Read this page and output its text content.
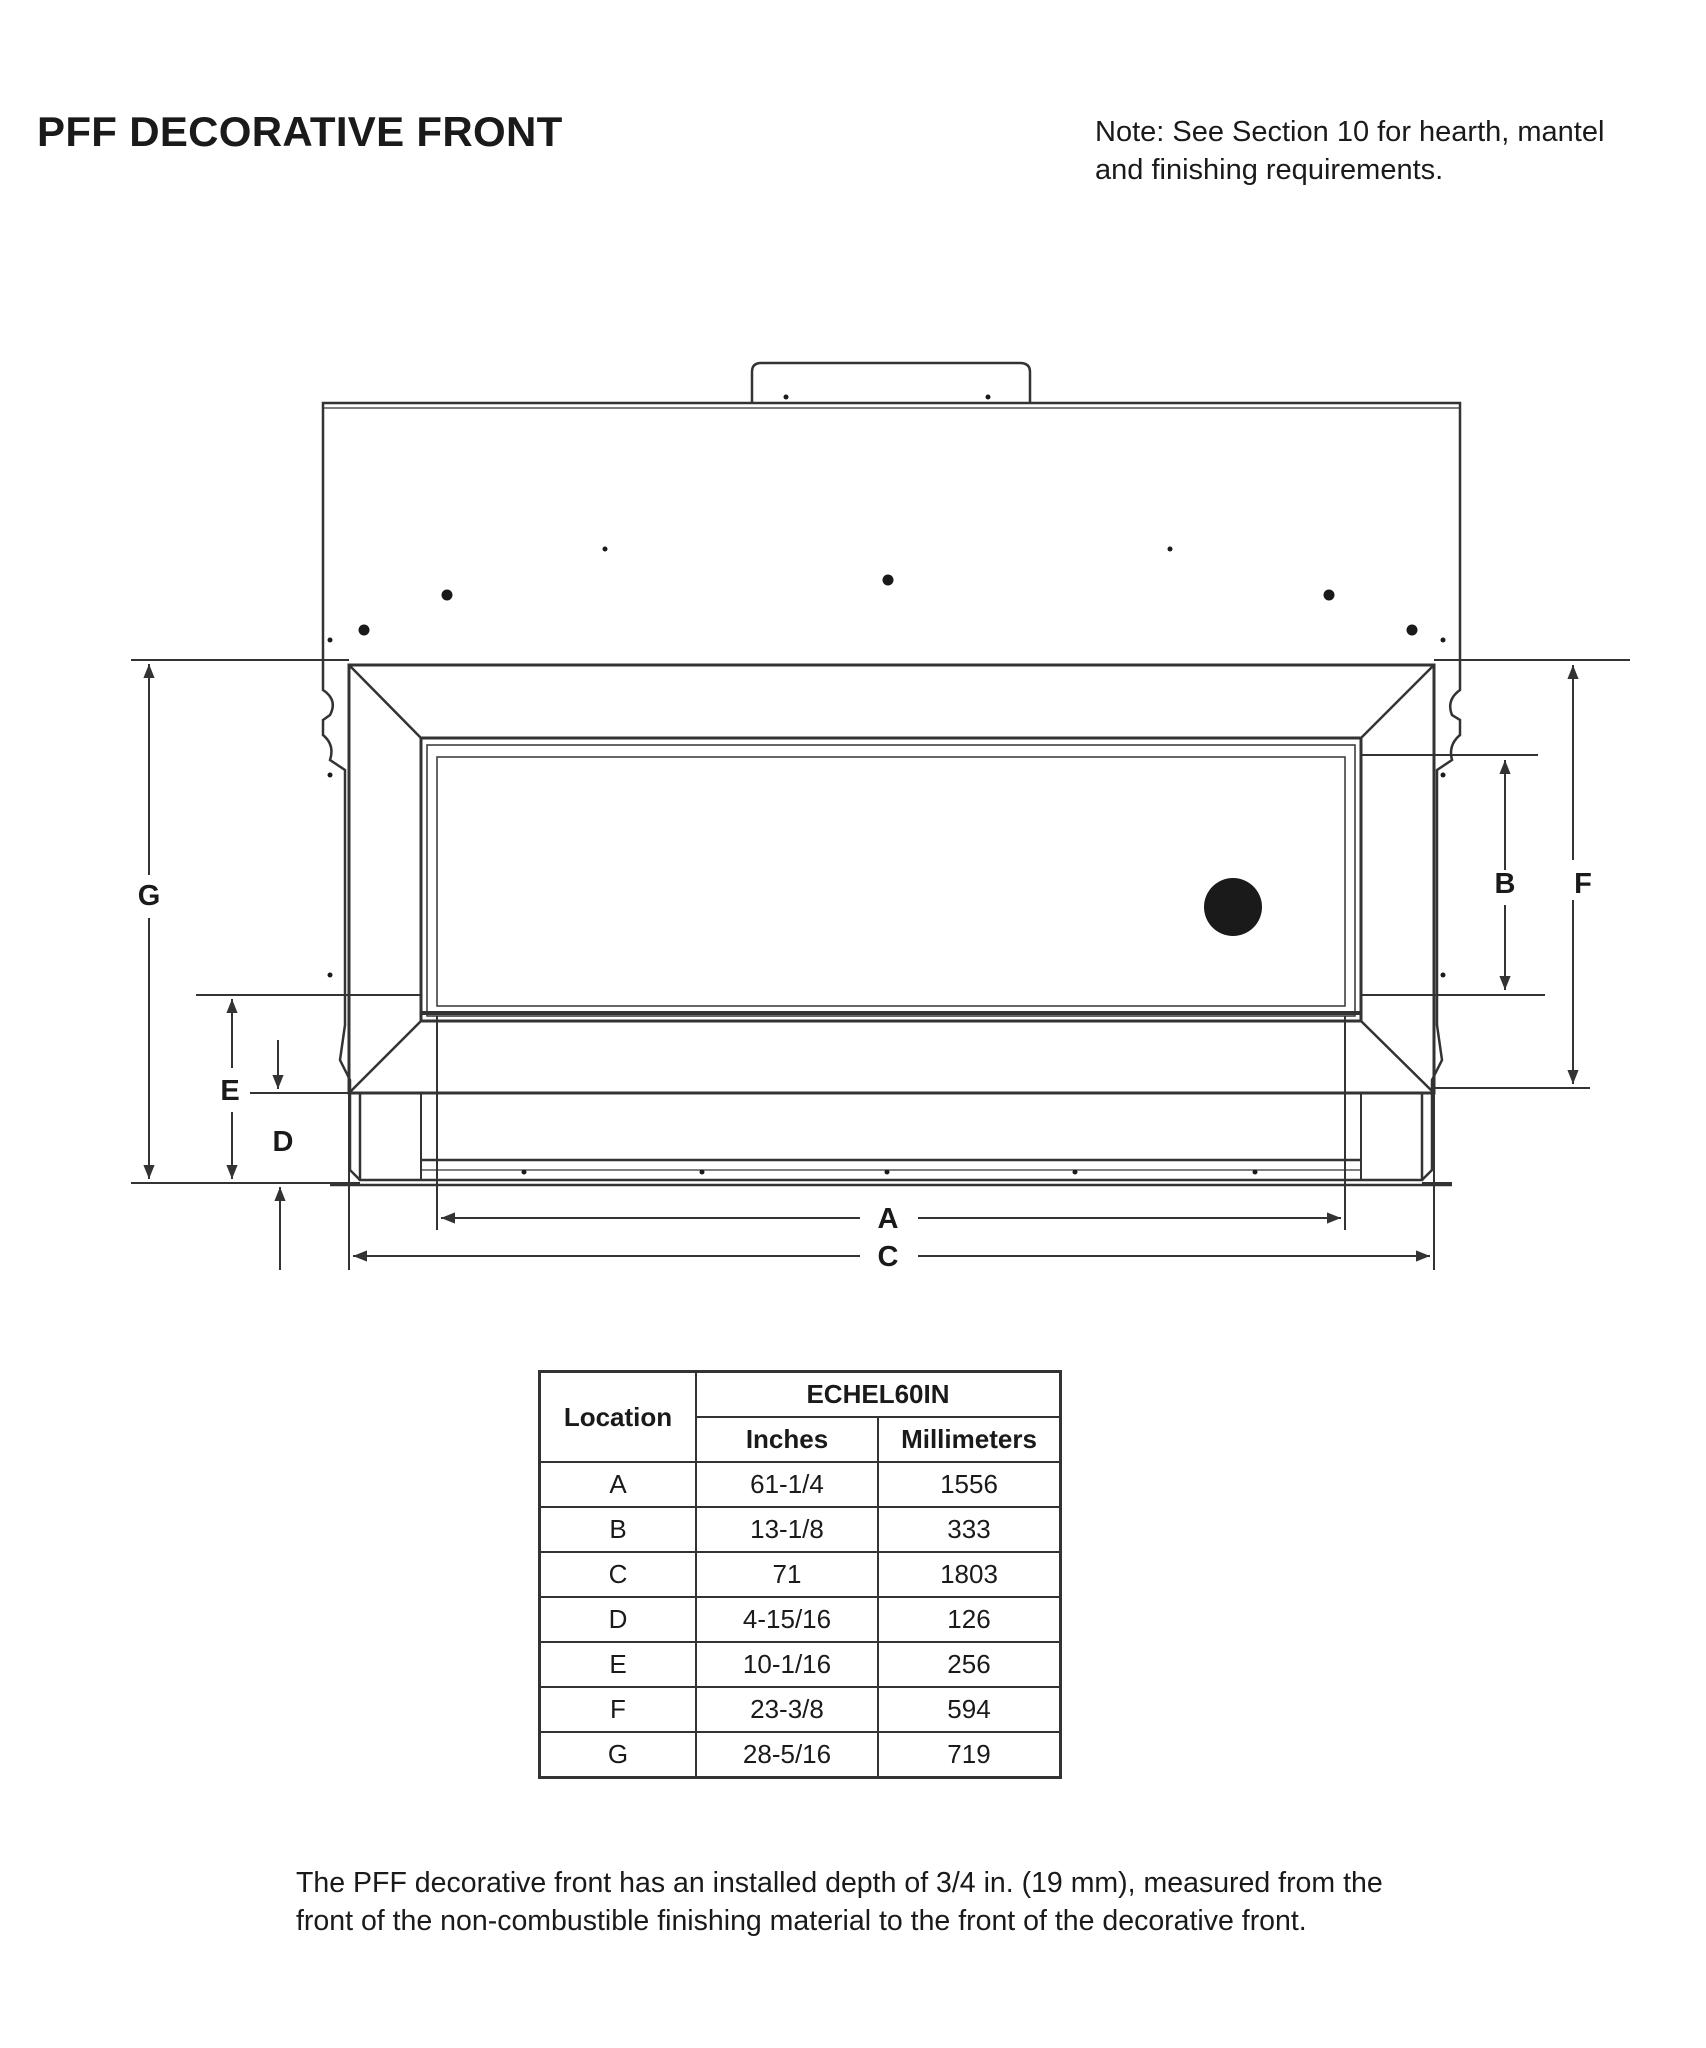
PFF DECORATIVE FRONT	Note: See Section 10 for hearth, mantel
and finishing requirements.
G
E
D
B F
A
C
Location	ECHEL60IN	
	Inches	Millimeters
A	61-1/4	1556
B	13-1/8	333
C	71	1803
D	4-15/16	126
E	10-1/16	256
F	23-3/8	594
G	28-5/16	719
The PFF decorative front has an installed depth of 3/4 in. (19 mm), measured from the
front of the non-combustible finishing material to the front of the decorative front.
